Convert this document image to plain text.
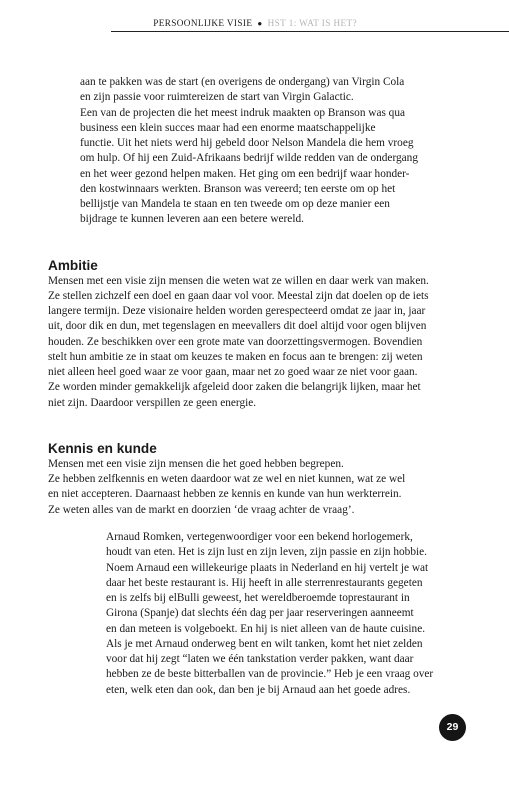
PERSOONLIJKE VISIE ● HST 1: WAT IS HET?

aan te pakken was de start (en overigens de ondergang) van Virgin Cola
en zijn passie voor ruimtereizen de start van Virgin Galactic.
Een van de projecten die het meest indruk maakten op Branson was qua
business een klein succes maar had een enorme maatschappelijke
functie. Uit het niets werd hij gebeld door Nelson Mandela die hem vroeg
om hulp. Of hij een Zuid-Afrikaans bedrijf wilde redden van de ondergang
en het weer gezond helpen maken. Het ging om een bedrijf waar honder-
den kostwinnaars werkten. Branson was vereerd; ten eerste om op het
bellijstje van Mandela te staan en ten tweede om op deze manier een
bijdrage te kunnen leveren aan een betere wereld.

Ambitie

Mensen met een visie zijn mensen die weten wat ze willen en daar werk van maken.
Ze stellen zichzelf een doel en gaan daar vol voor. Meestal zijn dat doelen op de iets
langere termijn. Deze visionaire helden worden gerespecteerd omdat ze jaar in, jaar
uit, door dik en dun, met tegenslagen en meevallers dit doel altijd voor ogen blijven
houden. Ze beschikken over een grote mate van doorzettingsvermogen. Bovendien
stelt hun ambitie ze in staat om keuzes te maken en focus aan te brengen: zij weten
niet alleen heel goed waar ze voor gaan, maar net zo goed waar ze niet voor gaan.
Ze worden minder gemakkelijk afgeleid door zaken die belangrijk lijken, maar het
niet zijn. Daardoor verspillen ze geen energie.

Kennis en kunde

Mensen met een visie zijn mensen die het goed hebben begrepen.
Ze hebben zelfkennis en weten daardoor wat ze wel en niet kunnen, wat ze wel
en niet accepteren. Daarnaast hebben ze kennis en kunde van hun werkterrein.
Ze weten alles van de markt en doorzien ‘de vraag achter de vraag’.

Arnaud Romken, vertegenwoordiger voor een bekend horlogemerk,
houdt van eten. Het is zijn lust en zijn leven, zijn passie en zijn hobbie.
Noem Arnaud een willekeurige plaats in Nederland en hij vertelt je wat
daar het beste restaurant is. Hij heeft in alle sterrenrestaurants gegeten
en is zelfs bij elBulli geweest, het wereldberoemde toprestaurant in
Girona (Spanje) dat slechts één dag per jaar reserveringen aanneemt
en dan meteen is volgeboekt. En hij is niet alleen van de haute cuisine.
Als je met Arnaud onderweg bent en wilt tanken, komt het niet zelden
voor dat hij zegt “laten we één tankstation verder pakken, want daar
hebben ze de beste bitterballen van de provincie.” Heb je een vraag over
eten, welk eten dan ook, dan ben je bij Arnaud aan het goede adres.

29
